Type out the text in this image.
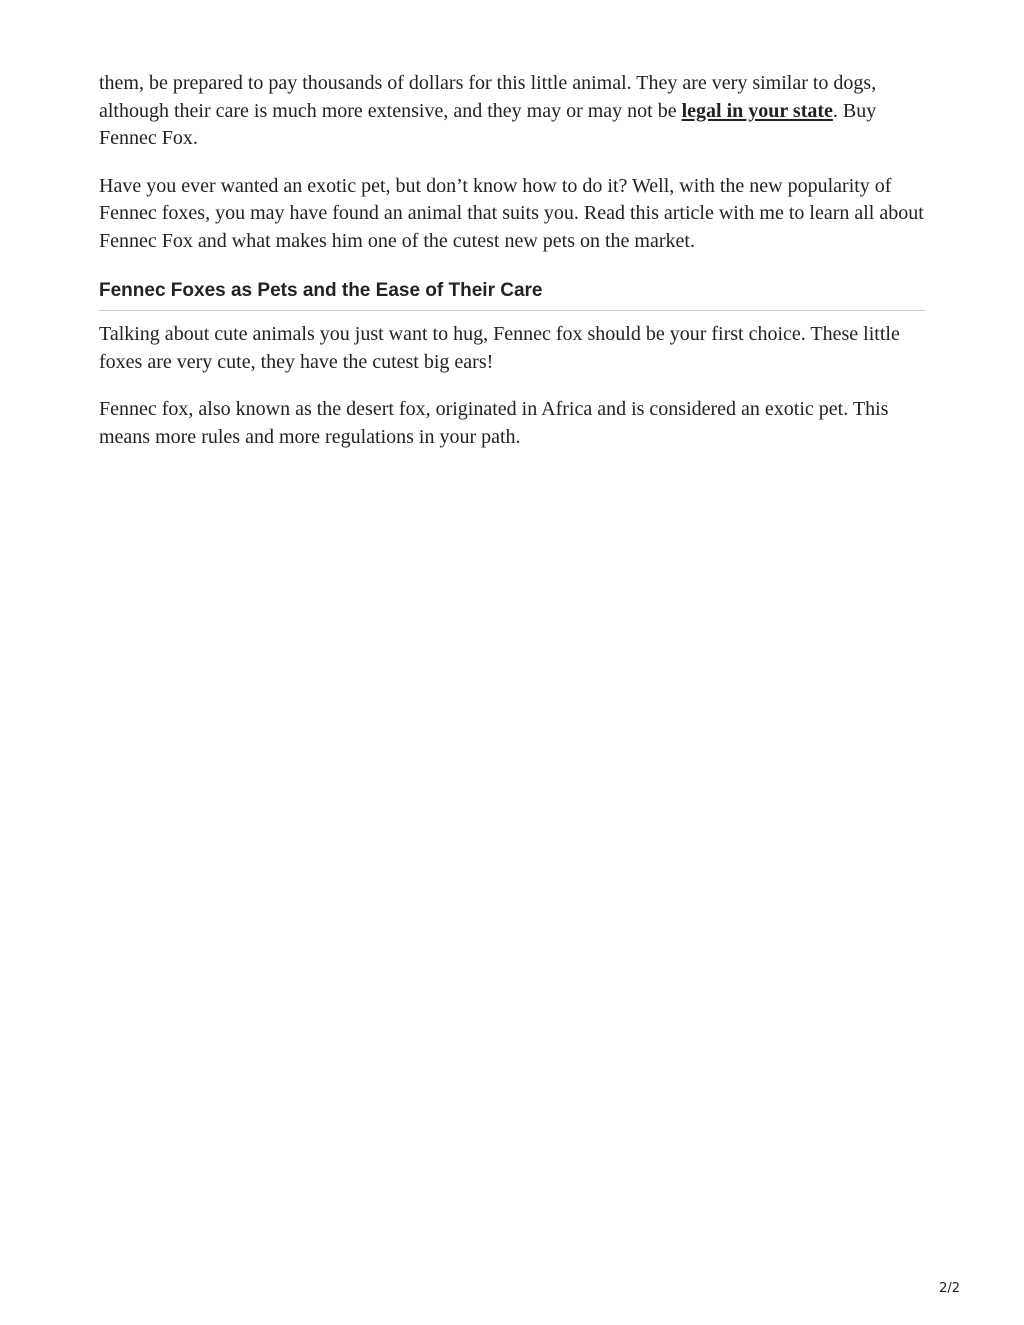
them, be prepared to pay thousands of dollars for this little animal. They are very similar to dogs, although their care is much more extensive, and they may or may not be legal in your state. Buy Fennec Fox.

Have you ever wanted an exotic pet, but don’t know how to do it? Well, with the new popularity of Fennec foxes, you may have found an animal that suits you. Read this article with me to learn all about Fennec Fox and what makes him one of the cutest new pets on the market.

Fennec Foxes as Pets and the Ease of Their Care

Talking about cute animals you just want to hug, Fennec fox should be your first choice. These little foxes are very cute, they have the cutest big ears!

Fennec fox, also known as the desert fox, originated in Africa and is considered an exotic pet. This means more rules and more regulations in your path.

2/2
